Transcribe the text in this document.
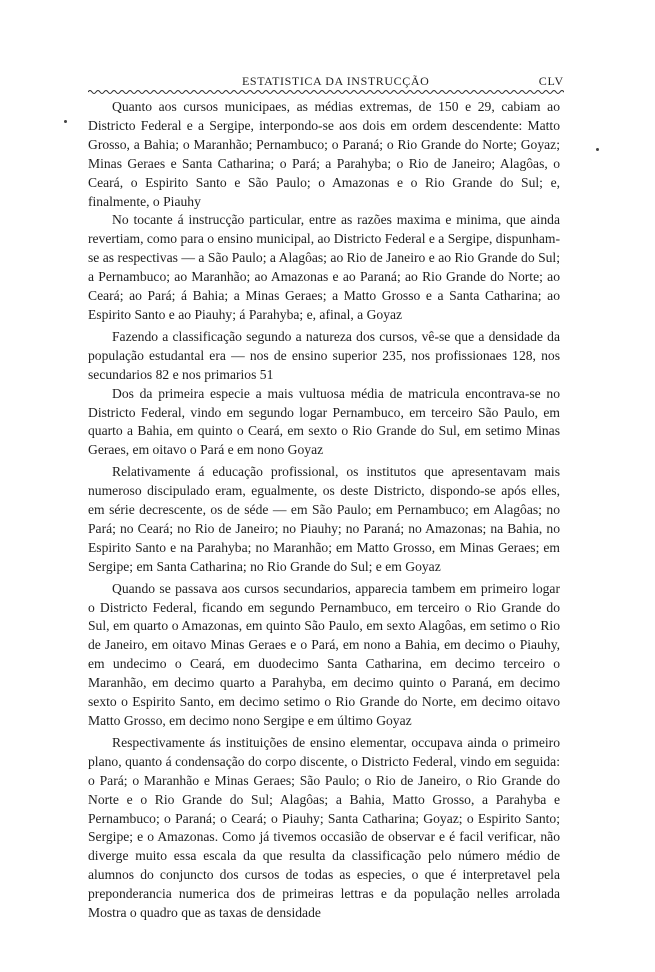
ESTATISTICA DA INSTRUCÇÃO	CLV

Quanto aos cursos municipaes, as médias extremas, de 150 e 29, cabiam ao Districto Federal e a Sergipe, interpondo-se aos dois em ordem descendente: Matto Grosso, a Bahia; o Maranhão; Pernambuco; o Paraná; o Rio Grande do Norte; Goyaz; Minas Geraes e Santa Catharina; o Pará; a Parahyba; o Rio de Janeiro; Alagôas, o Ceará, o Espirito Santo e São Paulo; o Amazonas e o Rio Grande do Sul; e, finalmente, o Piauhy

No tocante á instrucção particular, entre as razões maxima e minima, que ainda revertiam, como para o ensino municipal, ao Districto Federal e a Sergipe, dispunham-se as respectivas — a São Paulo; a Alagôas; ao Rio de Janeiro e ao Rio Grande do Sul; a Pernambuco; ao Maranhão; ao Amazonas e ao Paraná; ao Rio Grande do Norte; ao Ceará; ao Pará; á Bahia; a Minas Geraes; a Matto Grosso e a Santa Catharina; ao Espirito Santo e ao Piauhy; á Parahyba; e, afinal, a Goyaz

Fazendo a classificação segundo a natureza dos cursos, vê-se que a densidade da população estudantal era — nos de ensino superior 235, nos profissionaes 128, nos secundarios 82 e nos primarios 51

Dos da primeira especie a mais vultuosa média de matricula encontrava-se no Districto Federal, vindo em segundo logar Pernambuco, em terceiro São Paulo, em quarto a Bahia, em quinto o Ceará, em sexto o Rio Grande do Sul, em setimo Minas Geraes, em oitavo o Pará e em nono Goyaz

Relativamente á educação profissional, os institutos que apresentavam mais numeroso discipulado eram, egualmente, os deste Districto, dispondo-se após elles, em série decrescente, os de séde — em São Paulo; em Pernambuco; em Alagôas; no Pará; no Ceará; no Rio de Janeiro; no Piauhy; no Paraná; no Amazonas; na Bahia, no Espirito Santo e na Parahyba; no Maranhão; em Matto Grosso, em Minas Geraes; em Sergipe; em Santa Catharina; no Rio Grande do Sul; e em Goyaz

Quando se passava aos cursos secundarios, apparecia tambem em primeiro logar o Districto Federal, ficando em segundo Pernambuco, em terceiro o Rio Grande do Sul, em quarto o Amazonas, em quinto São Paulo, em sexto Alagôas, em setimo o Rio de Janeiro, em oitavo Minas Geraes e o Pará, em nono a Bahia, em decimo o Piauhy, em undecimo o Ceará, em duodecimo Santa Catharina, em decimo terceiro o Maranhão, em decimo quarto a Parahyba, em decimo quinto o Paraná, em decimo sexto o Espirito Santo, em decimo setimo o Rio Grande do Norte, em decimo oitavo Matto Grosso, em decimo nono Sergipe e em último Goyaz

Respectivamente ás instituições de ensino elementar, occupava ainda o primeiro plano, quanto á condensação do corpo discente, o Districto Federal, vindo em seguida: o Pará; o Maranhão e Minas Geraes; São Paulo; o Rio de Janeiro, o Rio Grande do Norte e o Rio Grande do Sul; Alagôas; a Bahia, Matto Grosso, a Parahyba e Pernambuco; o Paraná; o Ceará; o Piauhy; Santa Catharina; Goyaz; o Espirito Santo; Sergipe; e o Amazonas. Como já tivemos occasião de observar e é facil verificar, não diverge muito essa escala da que resulta da classificação pelo número médio de alumnos do conjuncto dos cursos de todas as especies, o que é interpretavel pela preponderancia numerica dos de primeiras lettras e da população nelles arrolada Mostra o quadro que as taxas de densidade
